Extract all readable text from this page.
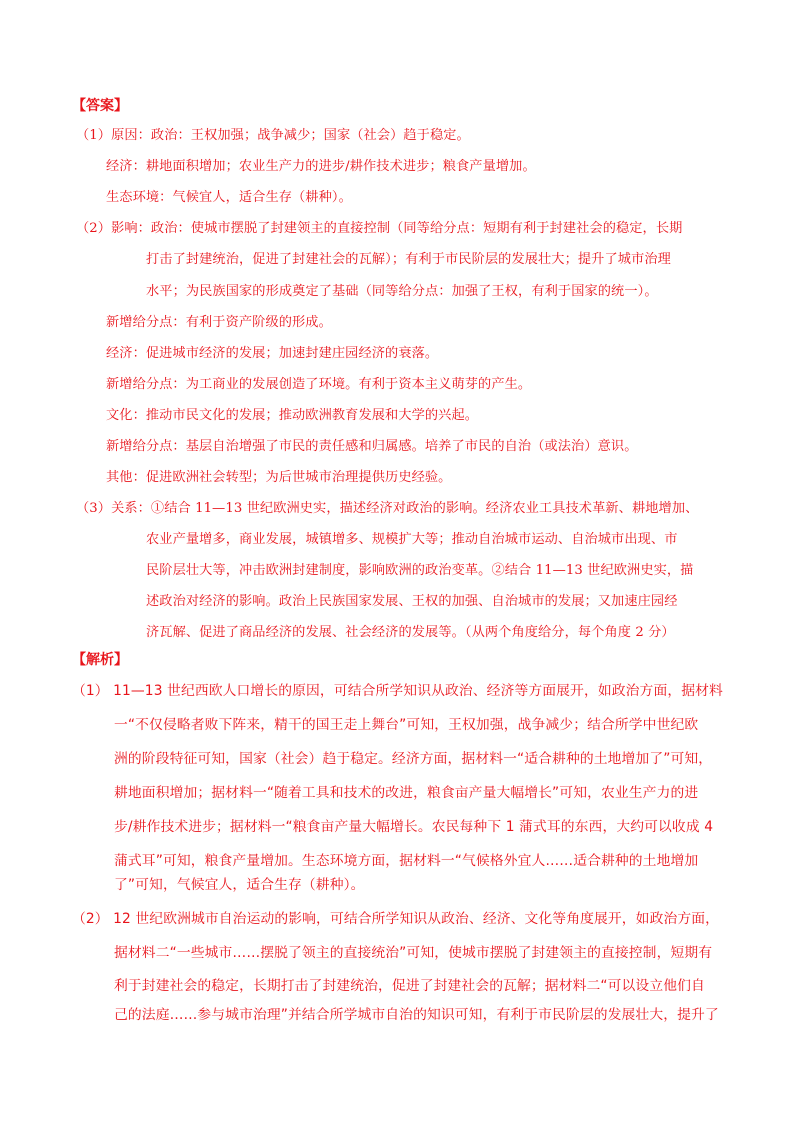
【答案】
（1）原因：政治：王权加强；战争减少；国家（社会）趋于稳定。
经济：耕地面积增加；农业生产力的进步/耕作技术进步；粮食产量增加。
生态环境：气候宜人，适合生存（耕种）。
（2）影响：政治：使城市摆脱了封建领主的直接控制（同等给分点：短期有利于封建社会的稳定，长期
打击了封建统治，促进了封建社会的瓦解）；有利于市民阶层的发展壮大；提升了城市治理
水平；为民族国家的形成奠定了基础（同等给分点：加强了王权，有利于国家的统一）。
新增给分点：有利于资产阶级的形成。
经济：促进城市经济的发展；加速封建庄园经济的衰落。
新增给分点：为工商业的发展创造了环境。有利于资本主义萌芽的产生。
文化：推动市民文化的发展；推动欧洲教育发展和大学的兴起。
新增给分点：基层自治增强了市民的责任感和归属感。培养了市民的自治（或法治）意识。
其他：促进欧洲社会转型；为后世城市治理提供历史经验。
（3）关系：①结合 11—13 世纪欧洲史实，描述经济对政治的影响。经济农业工具技术革新、耕地增加、
农业产量增多，商业发展，城镇增多、规模扩大等；推动自治城市运动、自治城市出现、市
民阶层壮大等，冲击欧洲封建制度，影响欧洲的政治变革。②结合 11—13 世纪欧洲史实，描
述政治对经济的影响。政治上民族国家发展、王权的加强、自治城市的发展；又加速庄园经
济瓦解、促进了商品经济的发展、社会经济的发展等。（从两个角度给分，每个角度 2 分）
【解析】
（1） 11—13 世纪西欧人口增长的原因，可结合所学知识从政治、经济等方面展开，如政治方面，据材料
一“不仅侵略者败下阵来，精干的国王走上舞台”可知，王权加强，战争减少；结合所学中世纪欧
洲的阶段特征可知，国家（社会）趋于稳定。经济方面，据材料一“适合耕种的土地增加了”可知，
耕地面积增加；据材料一“随着工具和技术的改进，粮食亩产量大幅增长”可知，农业生产力的进
步/耕作技术进步；据材料一“粮食亩产量大幅增长。农民每种下 1 蒲式耳的东西，大约可以收成 4
蒲式耳”可知，粮食产量增加。生态环境方面，据材料一“气候格外宜人……适合耕种的土地增加
了”可知，气候宜人，适合生存（耕种）。
（2） 12 世纪欧洲城市自治运动的影响，可结合所学知识从政治、经济、文化等角度展开，如政治方面，
据材料二“一些城市……摆脱了领主的直接统治”可知，使城市摆脱了封建领主的直接控制，短期有
利于封建社会的稳定，长期打击了封建统治，促进了封建社会的瓦解；据材料二“可以设立他们自
己的法庭……参与城市治理”并结合所学城市自治的知识可知，有利于市民阶层的发展壮大，提升了
